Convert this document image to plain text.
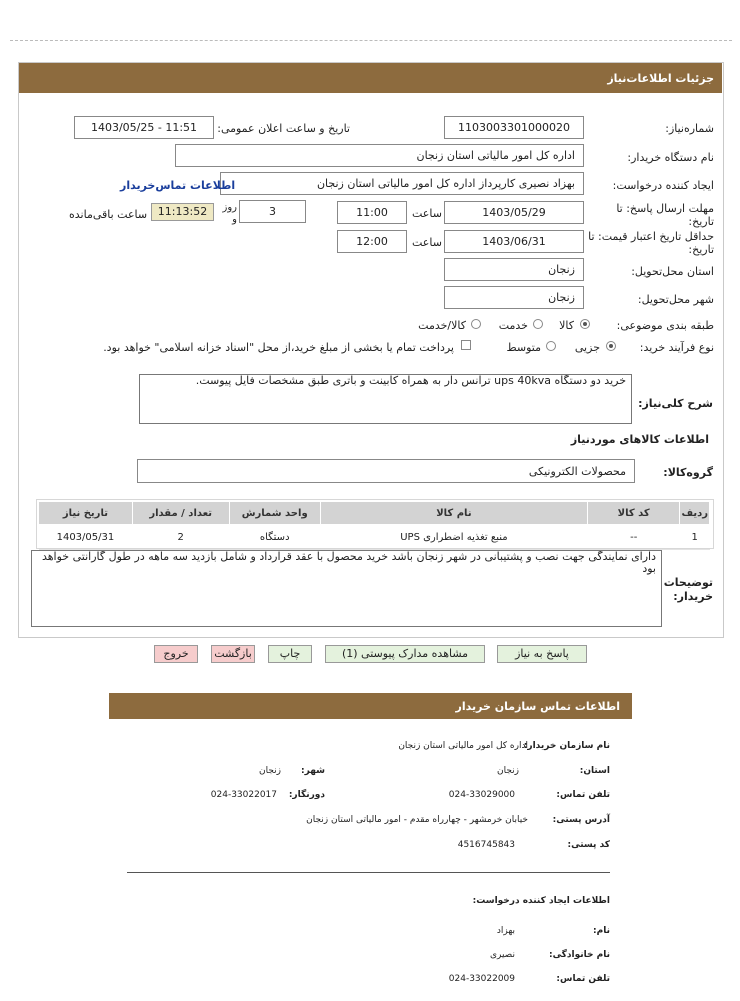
جزئیات اطلاعات‌نیاز
شماره‌نیاز:
1103003301000020
تاریخ و ساعت اعلان عمومی:
1403/05/25 - 11:51
نام دستگاه خریدار:
اداره کل امور مالیاتی استان زنجان
ایجاد کننده درخواست:
بهزاد نصیری کارپرداز اداره کل امور مالیاتی استان زنجان
اطلاعات تماس‌خریدار
مهلت ارسال پاسخ: تا تاریخ:
1403/05/29
ساعت
11:00
3
روز و
11:13:52
ساعت باقی‌مانده
حداقل تاریخ اعتبار قیمت: تا تاریخ:
1403/06/31
ساعت
12:00
استان محل‌تحویل:
زنجان
شهر محل‌تحویل:
زنجان
طبقه بندی موضوعی:
کالا
خدمت
کالا/خدمت
نوع فرآیند خرید:
جزیی
متوسط
پرداخت تمام یا بخشی از مبلغ خرید،از محل "اسناد خزانه اسلامی" خواهد بود.
شرح کلی‌نیاز:
خرید دو دستگاه ups 40kva ترانس دار به همراه کابینت و باتری طبق مشخصات فایل پیوست.
اطلاعات کالاهای موردنیاز
گروه‌کالا:
محصولات الکترونیکی
ردیف	کد کالا	نام کالا	واحد شمارش	تعداد / مقدار	تاریخ نیاز
1	--	منبع تغذیه اضطراری UPS	دستگاه	2	1403/05/31
توضیحات خریدار:
دارای نمایندگی جهت نصب و پشتیبانی در شهر زنجان باشد خرید محصول با عقد قرارداد و شامل بازدید سه ماهه در طول گارانتی خواهد بود
پاسخ به نیاز
مشاهده مدارک پیوستی (1)
چاپ
بازگشت
خروج
اطلاعات تماس سازمان خریدار
نام سازمان خریدار:
اداره کل امور مالیاتی استان زنجان
استان:
زنجان
شهر:
زنجان
تلفن تماس:
024-33029000
دورنگار:
024-33022017
آدرس پستی:
خیابان خرمشهر - چهارراه مقدم - امور مالیاتی استان زنجان
کد پستی:
4516745843
اطلاعات ایجاد کننده درخواست:
نام:
بهزاد
نام خانوادگی:
نصیری
تلفن تماس:
024-33022009
